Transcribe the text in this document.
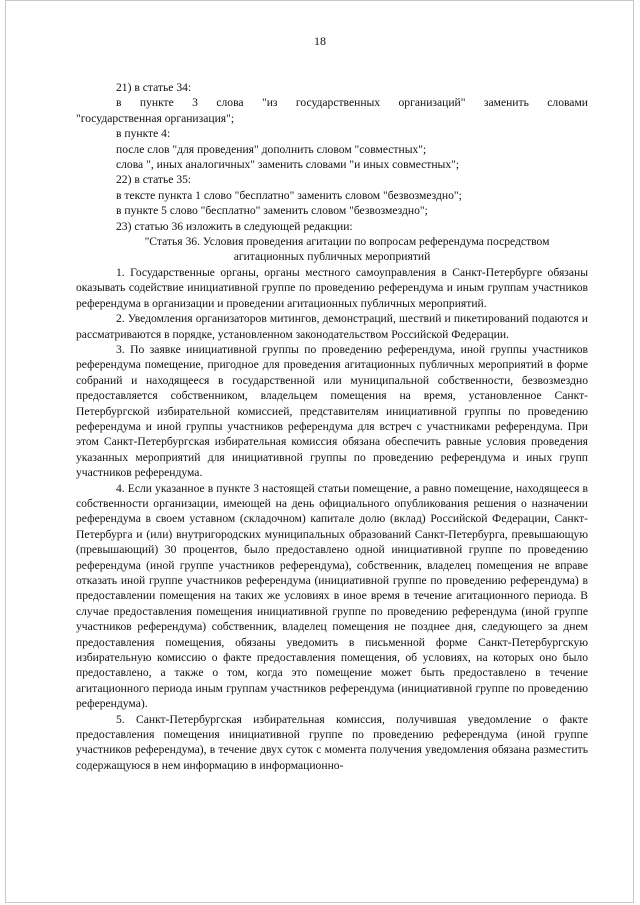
18
21) в статье 34:
в пункте 3 слова "из государственных организаций" заменить словами
"государственная организация";
в пункте 4:
после слов "для проведения" дополнить словом "совместных";
слова ", иных аналогичных" заменить словами "и иных совместных";
22) в статье 35:
в тексте пункта 1 слово "бесплатно" заменить словом "безвозмездно";
в пункте 5 слово "бесплатно" заменить словом "безвозмездно";
23) статью 36 изложить в следующей редакции:
"Статья 36. Условия проведения агитации по вопросам референдума посредством
агитационных публичных мероприятий

1. Государственные органы, органы местного самоуправления в Санкт-Петербурге обязаны оказывать содействие инициативной группе по проведению референдума и иным группам участников референдума в организации и проведении агитационных публичных мероприятий.

2. Уведомления организаторов митингов, демонстраций, шествий и пикетирований подаются и рассматриваются в порядке, установленном законодательством Российской Федерации.

3. По заявке инициативной группы по проведению референдума, иной группы участников референдума помещение, пригодное для проведения агитационных публичных мероприятий в форме собраний и находящееся в государственной или муниципальной собственности, безвозмездно предоставляется собственником, владельцем помещения на время, установленное Санкт-Петербургской избирательной комиссией, представителям инициативной группы по проведению референдума и иной группы участников референдума для встреч с участниками референдума. При этом Санкт-Петербургская избирательная комиссия обязана обеспечить равные условия проведения указанных мероприятий для инициативной группы по проведению референдума и иных групп участников референдума.

4. Если указанное в пункте 3 настоящей статьи помещение, а равно помещение, находящееся в собственности организации, имеющей на день официального опубликования решения о назначении референдума в своем уставном (складочном) капитале долю (вклад) Российской Федерации, Санкт-Петербурга и (или) внутригородских муниципальных образований Санкт-Петербурга, превышающую (превышающий) 30 процентов, было предоставлено одной инициативной группе по проведению референдума (иной группе участников референдума), собственник, владелец помещения не вправе отказать иной группе участников референдума (инициативной группе по проведению референдума) в предоставлении помещения на таких же условиях в иное время в течение агитационного периода. В случае предоставления помещения инициативной группе по проведению референдума (иной группе участников референдума) собственник, владелец помещения не позднее дня, следующего за днем предоставления помещения, обязаны уведомить в письменной форме Санкт-Петербургскую избирательную комиссию о факте предоставления помещения, об условиях, на которых оно было предоставлено, а также о том, когда это помещение может быть предоставлено в течение агитационного периода иным группам участников референдума (инициативной группе по проведению референдума).

5. Санкт-Петербургская избирательная комиссия, получившая уведомление о факте предоставления помещения инициативной группе по проведению референдума (иной группе участников референдума), в течение двух суток с момента получения уведомления обязана разместить содержащуюся в нем информацию в информационно-
